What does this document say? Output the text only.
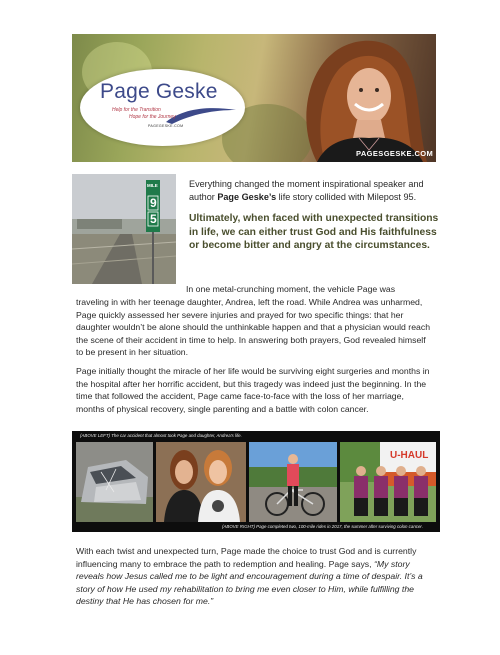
Page Geske
Help for the Transition
Hope for the Journey
PAGEGESKE.COM
PAGESGESKE.COM
MILE
9
5
Everything changed the moment inspirational speaker and author Page Geske’s life story collided with Milepost 95.
Ultimately, when faced with unexpected transitions in life, we can either trust God and His faithfulness or become bitter and angry at the circumstances.
In one metal-crunching moment, the vehicle Page was
traveling in with her teenage daughter, Andrea, left the road. While Andrea was unharmed, Page quickly assessed her severe injuries and prayed for two specific things: that her daughter wouldn’t be alone should the unthinkable happen and that a physician would reach the scene of their accident in time to help. In answering both prayers, God revealed himself to be present in her situation.
Page initially thought the miracle of her life would be surviving eight surgeries and months in the hospital after her horrific accident, but this tragedy was indeed just the beginning. In the time that followed the accident, Page came face-to-face with the loss of her marriage, months of physical recovery, single parenting and a battle with colon cancer.
(ABOVE LEFT) The car accident that almost took Page and daughter, Andrea’s life.
U-HAUL
(ABOVE RIGHT) Page completed two, 100-mile rides in 2017, the summer after surviving colon cancer.
With each twist and unexpected turn, Page made the choice to trust God and is currently influencing many to embrace the path to redemption and healing. Page says, “My story reveals how Jesus called me to be light and encouragement during a time of despair. It’s a story of how He used my rehabilitation to bring me even closer to Him, while fulfilling the destiny that He has chosen for me.”
